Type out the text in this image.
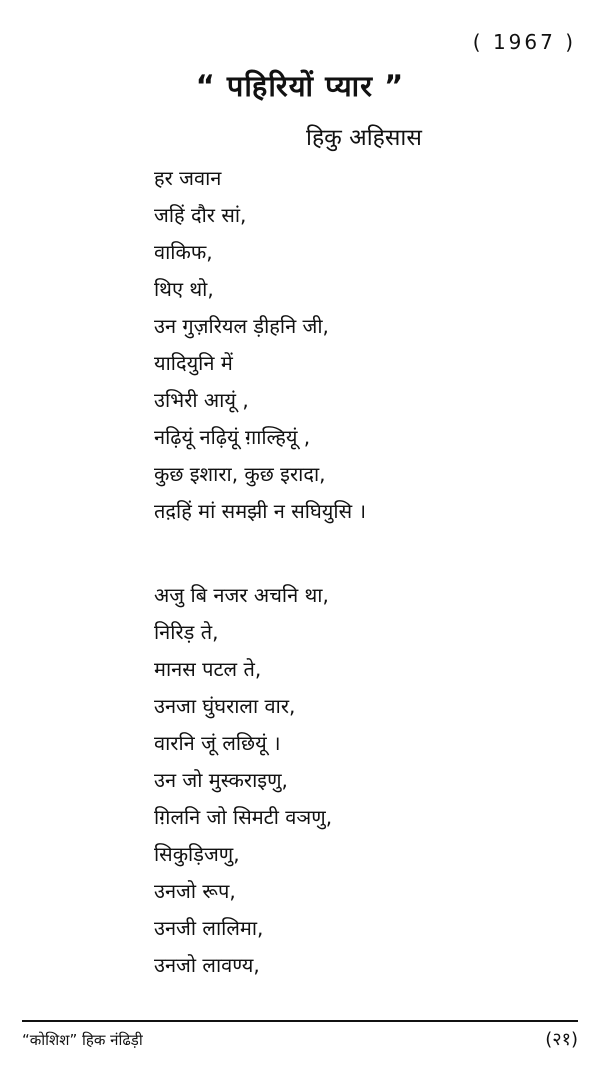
( 1967 )
“ पहिरियों प्यार ”
हिकु अहिसास
हर जवान
जहिं दौर सां,
वाकिफ,
थिए थो,
उन गुज़रियल ड़ीहनि जी,
यादियुनि में
उभिरी आयूं ,
नढ़ियूं नढ़ियूं ग़ाल्हियूं ,
कुछ इशारा, कुछ इरादा,
तद़हिं मां समझी न सघियुसि ।
अजु बि नजर अचनि था,
निरिड़ ते,
मानस पटल ते,
उनजा घुंघराला वार,
वारनि जूं लछियूं ।
उन जो मुस्कराइणु,
ग़िलनि जो सिमटी वञणु,
सिकुड़िजणु,
उनजो रूप,
उनजी लालिमा,
उनजो लावण्य,
“कोशिश” हिक नंढिड़ी	(२१)
